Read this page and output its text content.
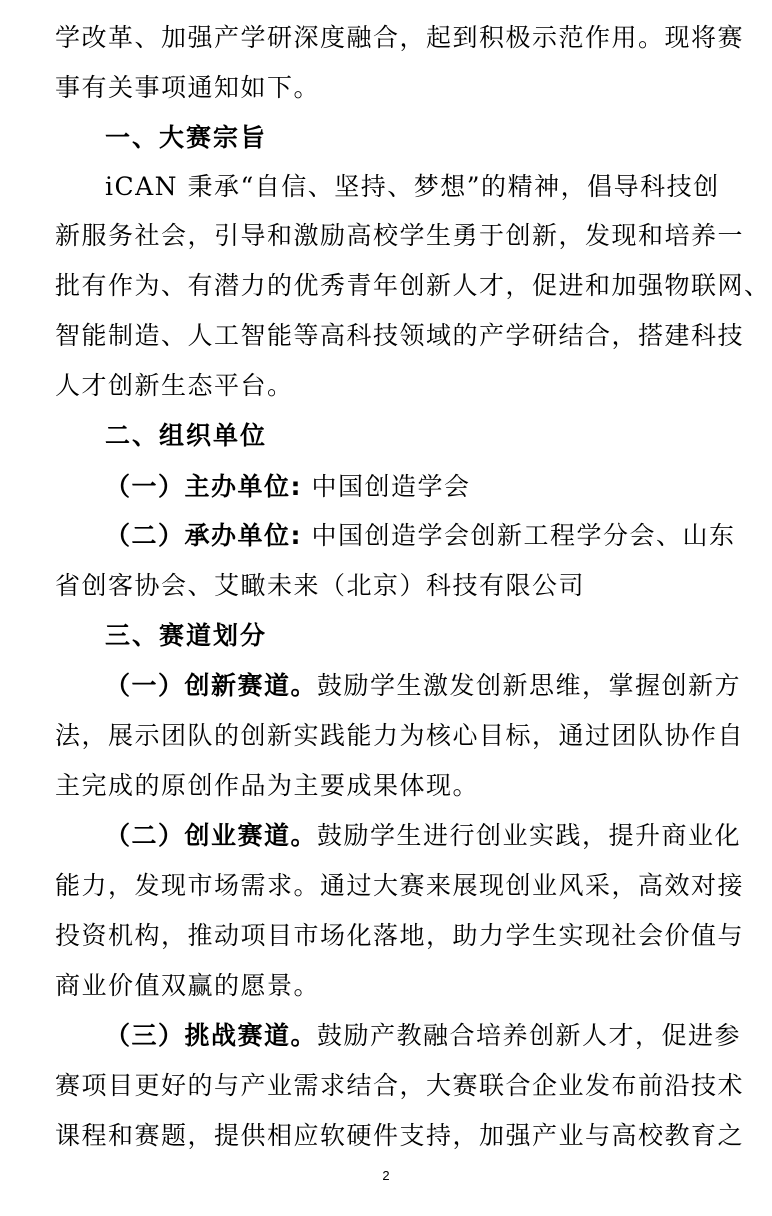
学改革、加强产学研深度融合，起到积极示范作用。现将赛
事有关事项通知如下。
一、大赛宗旨
iCAN 秉承“自信、坚持、梦想”的精神，倡导科技创
新服务社会，引导和激励高校学生勇于创新，发现和培养一
批有作为、有潜力的优秀青年创新人才，促进和加强物联网、
智能制造、人工智能等高科技领域的产学研结合，搭建科技
人才创新生态平台。
二、组织单位
（一）主办单位: 中国创造学会
（二）承办单位: 中国创造学会创新工程学分会、山东
省创客协会、艾瞰未来（北京）科技有限公司
三、赛道划分
（一）创新赛道。鼓励学生激发创新思维，掌握创新方
法，展示团队的创新实践能力为核心目标，通过团队协作自
主完成的原创作品为主要成果体现。
（二）创业赛道。鼓励学生进行创业实践，提升商业化
能力，发现市场需求。通过大赛来展现创业风采，高效对接
投资机构，推动项目市场化落地，助力学生实现社会价值与
商业价值双赢的愿景。
（三）挑战赛道。鼓励产教融合培养创新人才，促进参
赛项目更好的与产业需求结合，大赛联合企业发布前沿技术
课程和赛题，提供相应软硬件支持，加强产业与高校教育之
2
